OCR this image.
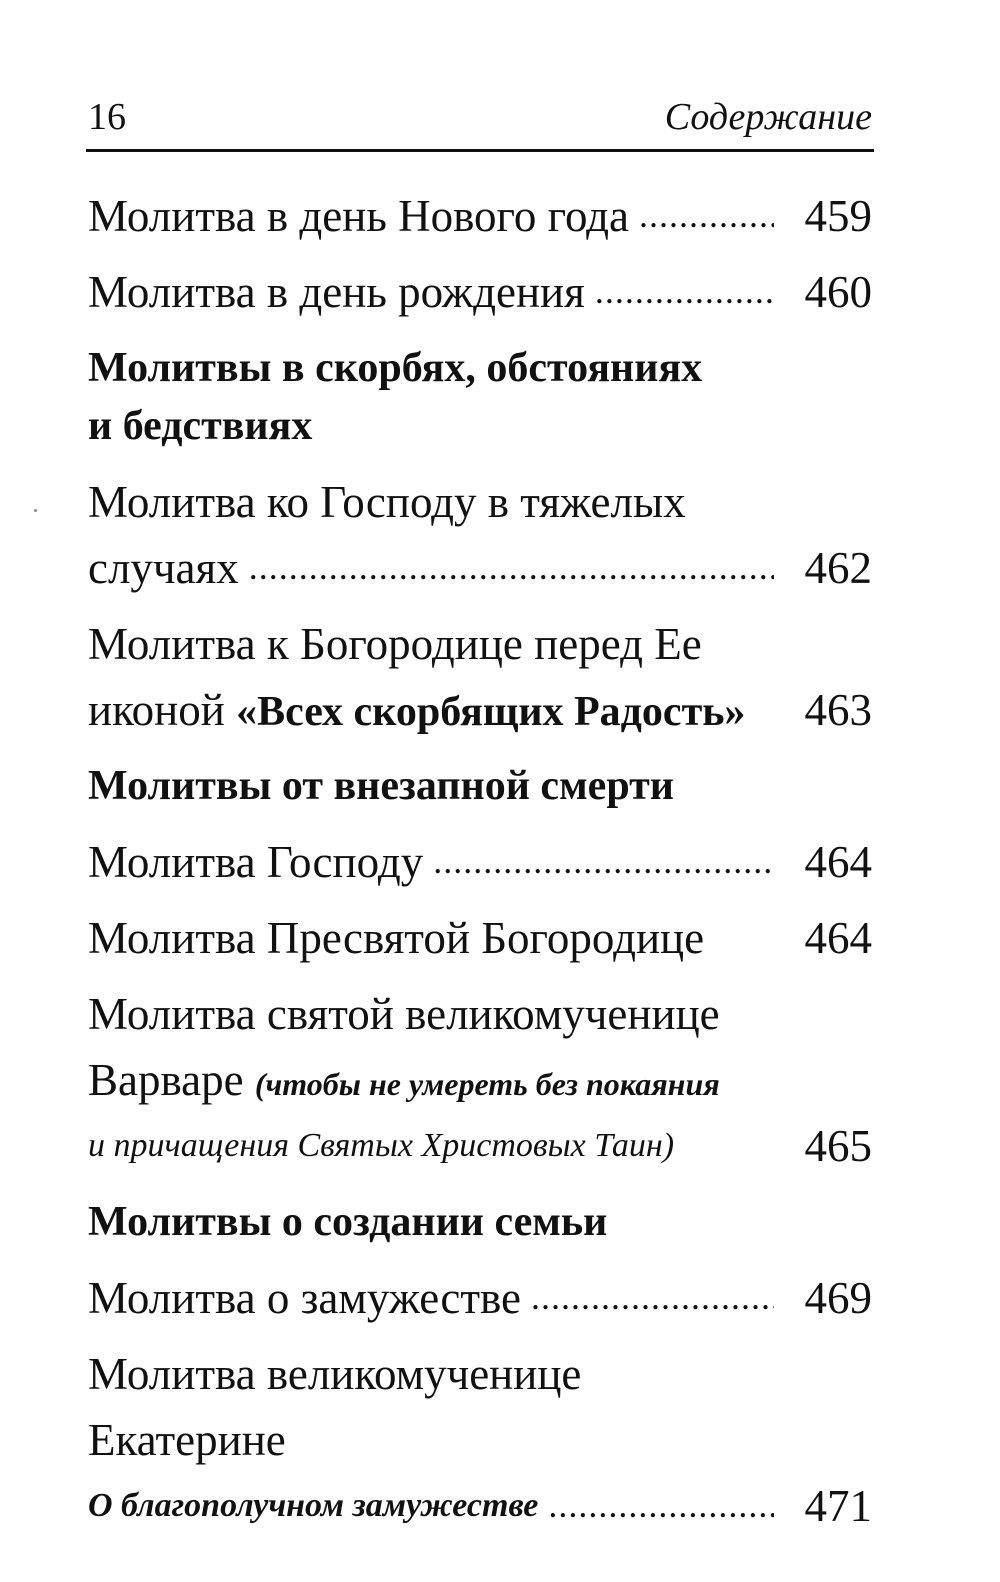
16	Содержание
Молитва в день Нового года .....	459
Молитва в день рождения .....	460
Молитвы в скорбях, обстояниях
и бедствиях
Молитва ко Господу в тяжелых
случаях .....	462
Молитва к Богородице перед Ее
иконой «Всех скорбящих Радость» 463
Молитвы от внезапной смерти
Молитва Господу .....	464
Молитва Пресвятой Богородице 464
Молитва святой великомученице
Варваре (чтобы не умереть без покаяния
и причащения Святых Христовых Таин)	465
Молитвы о создании семьи
Молитва о замужестве .....	469
Молитва великомученице
Екатерине
О благополучном замужестве .....	471
